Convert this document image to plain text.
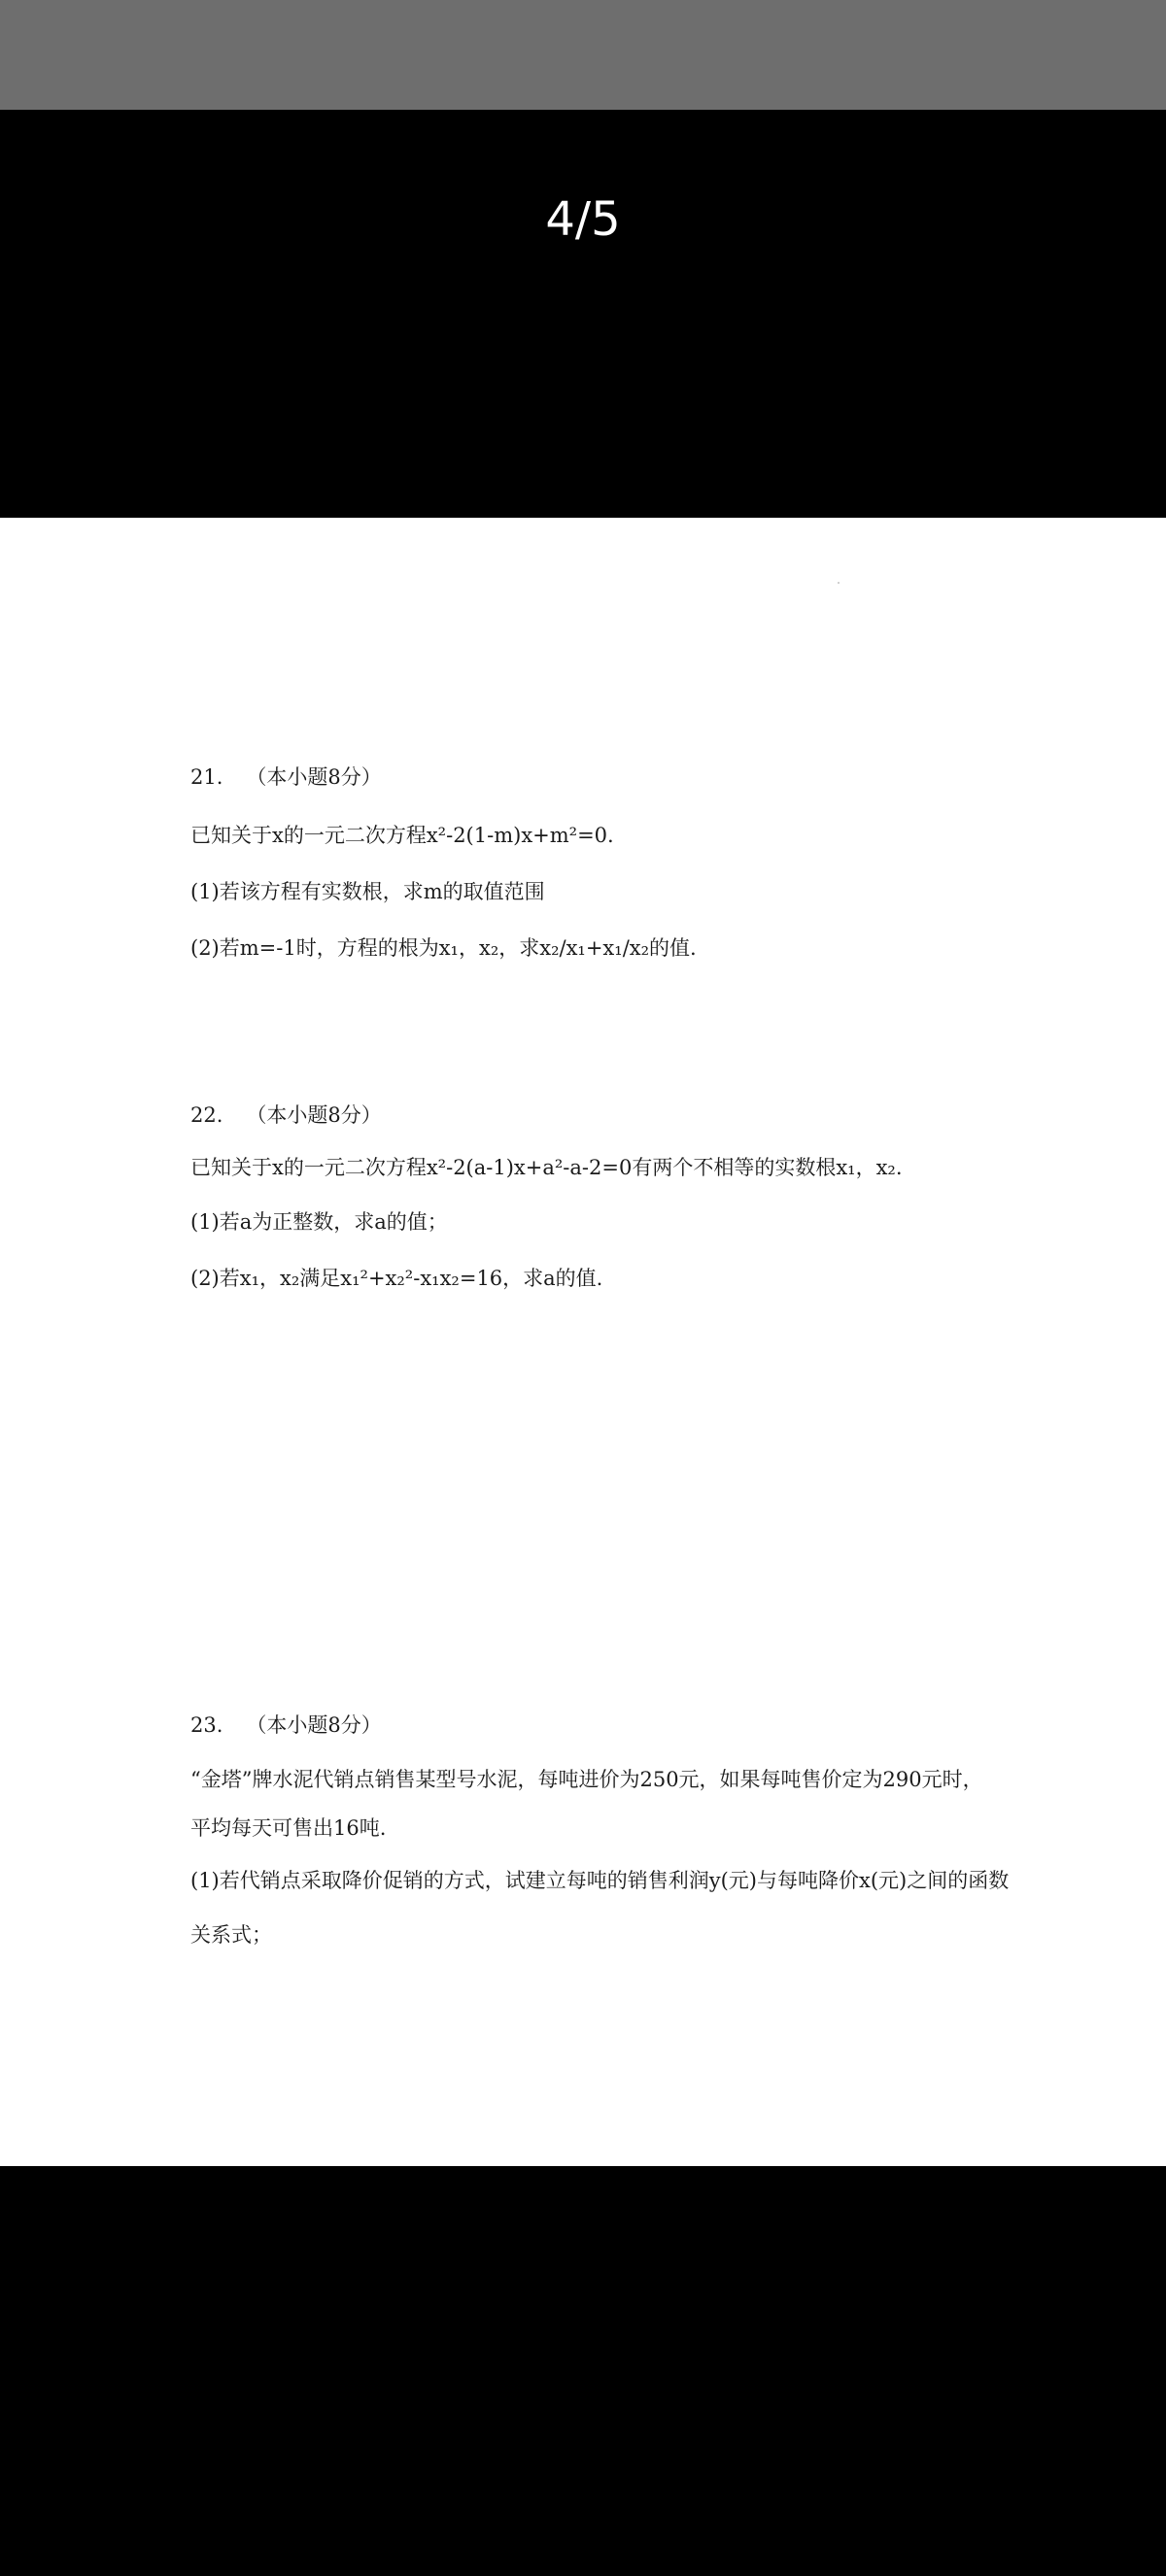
4/5
21. （本小题8分）
已知关于x的一元二次方程x²-2(1-m)x+m²=0.
(1)若该方程有实数根，求m的取值范围
(2)若m=-1时，方程的根为x₁，x₂，求x₂/x₁+x₁/x₂的值.
22. （本小题8分）
已知关于x的一元二次方程x²-2(a-1)x+a²-a-2=0有两个不相等的实数根x₁，x₂.
(1)若a为正整数，求a的值；
(2)若x₁，x₂满足x₁²+x₂²-x₁x₂=16，求a的值.
23. （本小题8分）
“金塔”牌水泥代销点销售某型号水泥，每吨进价为250元，如果每吨售价定为290元时，
平均每天可售出16吨.
(1)若代销点采取降价促销的方式，试建立每吨的销售利润y(元)与每吨降价x(元)之间的函数
关系式；
